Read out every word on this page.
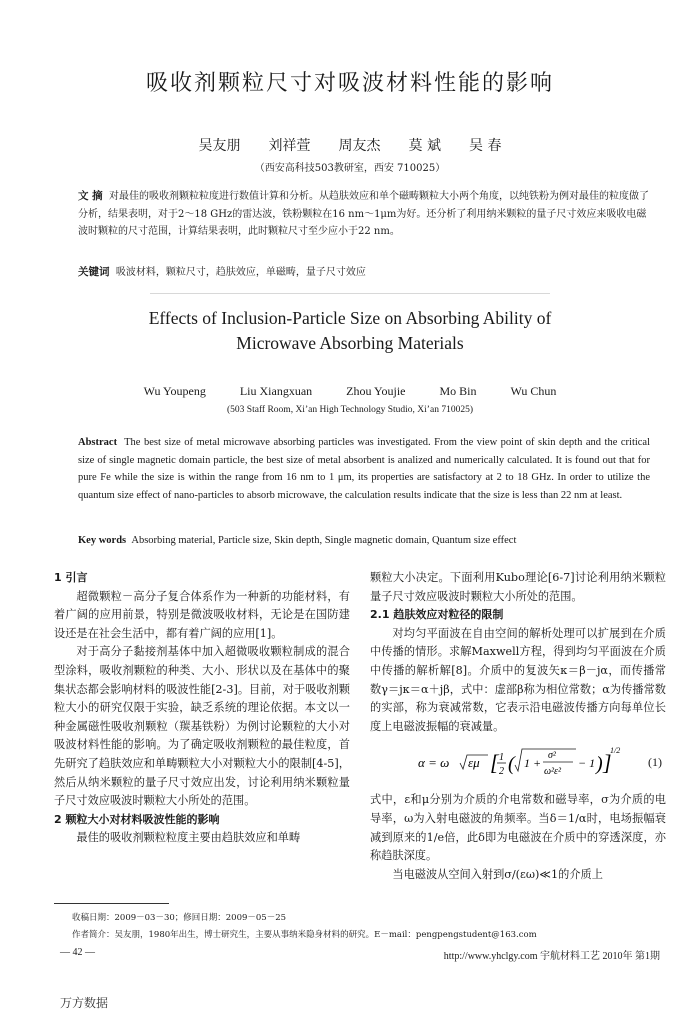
吸收剂颗粒尺寸对吸波材料性能的影响
吴友朋 刘祥萱 周友杰 莫 斌 吴 春
（西安高科技503教研室，西安 710025）
文 摘 对最佳的吸收剂颗粒粒度进行数值计算和分析。从趋肤效应和单个磁畴颗粒大小两个角度，以纯铁粉为例对最佳的粒度做了分析，结果表明，对于2～18 GHz的雷达波，铁粉颗粒在16 nm～1μm为好。还分析了利用纳米颗粒的量子尺寸效应来吸收电磁波时颗粒的尺寸范围，计算结果表明，此时颗粒尺寸至少应小于22 nm。
关键词 吸波材料，颗粒尺寸，趋肤效应，单磁畴，量子尺寸效应
Effects of Inclusion-Particle Size on Absorbing Ability of
Microwave Absorbing Materials
Wu Youpeng	Liu Xiangxuan	Zhou Youjie	Mo Bin	Wu Chun
(503 Staff Room, Xi’an High Technology Studio, Xi’an 710025)
Abstract The best size of metal microwave absorbing particles was investigated. From the view point of skin depth and the critical size of single magnetic domain particle, the best size of metal absorbent is analized and numerically calculated. It is found out that for pure Fe while the size is within the range from 16 nm to 1 μm, its properties are satisfactory at 2 to 18 GHz. In order to utilize the quantum size effect of nano-particles to absorb microwave, the calculation results indicate that the size is less than 22 nm at least.
Key words Absorbing material, Particle size, Skin depth, Single magnetic domain, Quantum size effect
1 引言
超微颗粒－高分子复合体系作为一种新的功能材料，有着广阔的应用前景，特别是微波吸收材料，无论是在国防建设还是在社会生活中，都有着广阔的应用[1]。
对于高分子黏接剂基体中加入超微吸收颗粒制成的混合型涂料，吸收剂颗粒的种类、大小、形状以及在基体中的聚集状态都会影响材料的吸波性能[2-3]。目前，对于吸收剂颗粒大小的研究仅限于实验，缺乏系统的理论依据。本文以一种金属磁性吸收剂颗粒（羰基铁粉）为例讨论颗粒的大小对吸波材料性能的影响。为了确定吸收剂颗粒的最佳粒度，首先研究了趋肤效应和单畴颗粒大小对颗粒大小的限制[4-5]，然后从纳米颗粒的量子尺寸效应出发，讨论利用纳米颗粒量子尺寸效应吸波时颗粒大小所处的范围。
2 颗粒大小对材料吸波性能的影响
最佳的吸收剂颗粒粒度主要由趋肤效应和单畴
颗粒大小决定。下面利用Kubo理论[6-7]讨论利用纳米颗粒量子尺寸效应吸波时颗粒大小所处的范围。
2.1 趋肤效应对粒径的限制
对均匀平面波在自由空间的解析处理可以扩展到在介质中传播的情形。求解Maxwell方程，得到均匀平面波在介质中传播的解析解[8]。介质中的复波矢κ＝β－jα，而传播常数γ＝jκ＝α＋jβ，式中：虚部β称为相位常数；α为传播常数的实部，称为衰减常数，它表示沿电磁波传播方向每单位长度上电磁波振幅的衰减量。
α = ω εμ [ 1
2 ( 1 +
σ²
ω²ε²
− 1 ) ]
1/2
(1)
式中，ε和μ分别为介质的介电常数和磁导率，σ为介质的电导率，ω为入射电磁波的角频率。当δ＝1/α时，电场振幅衰减到原来的1/e倍，此δ即为电磁波在介质中的穿透深度，亦称趋肤深度。
当电磁波从空间入射到σ/(εω)≪1的介质上
收稿日期：2009－03－30；修回日期：2009－05－25
作者简介：吴友朋，1980年出生，博士研究生，主要从事纳米隐身材料的研究。E－mail：pengpengstudent@163.com
— 42 —	http://www.yhclgy.com 宇航材料工艺 2010年 第1期
万方数据
